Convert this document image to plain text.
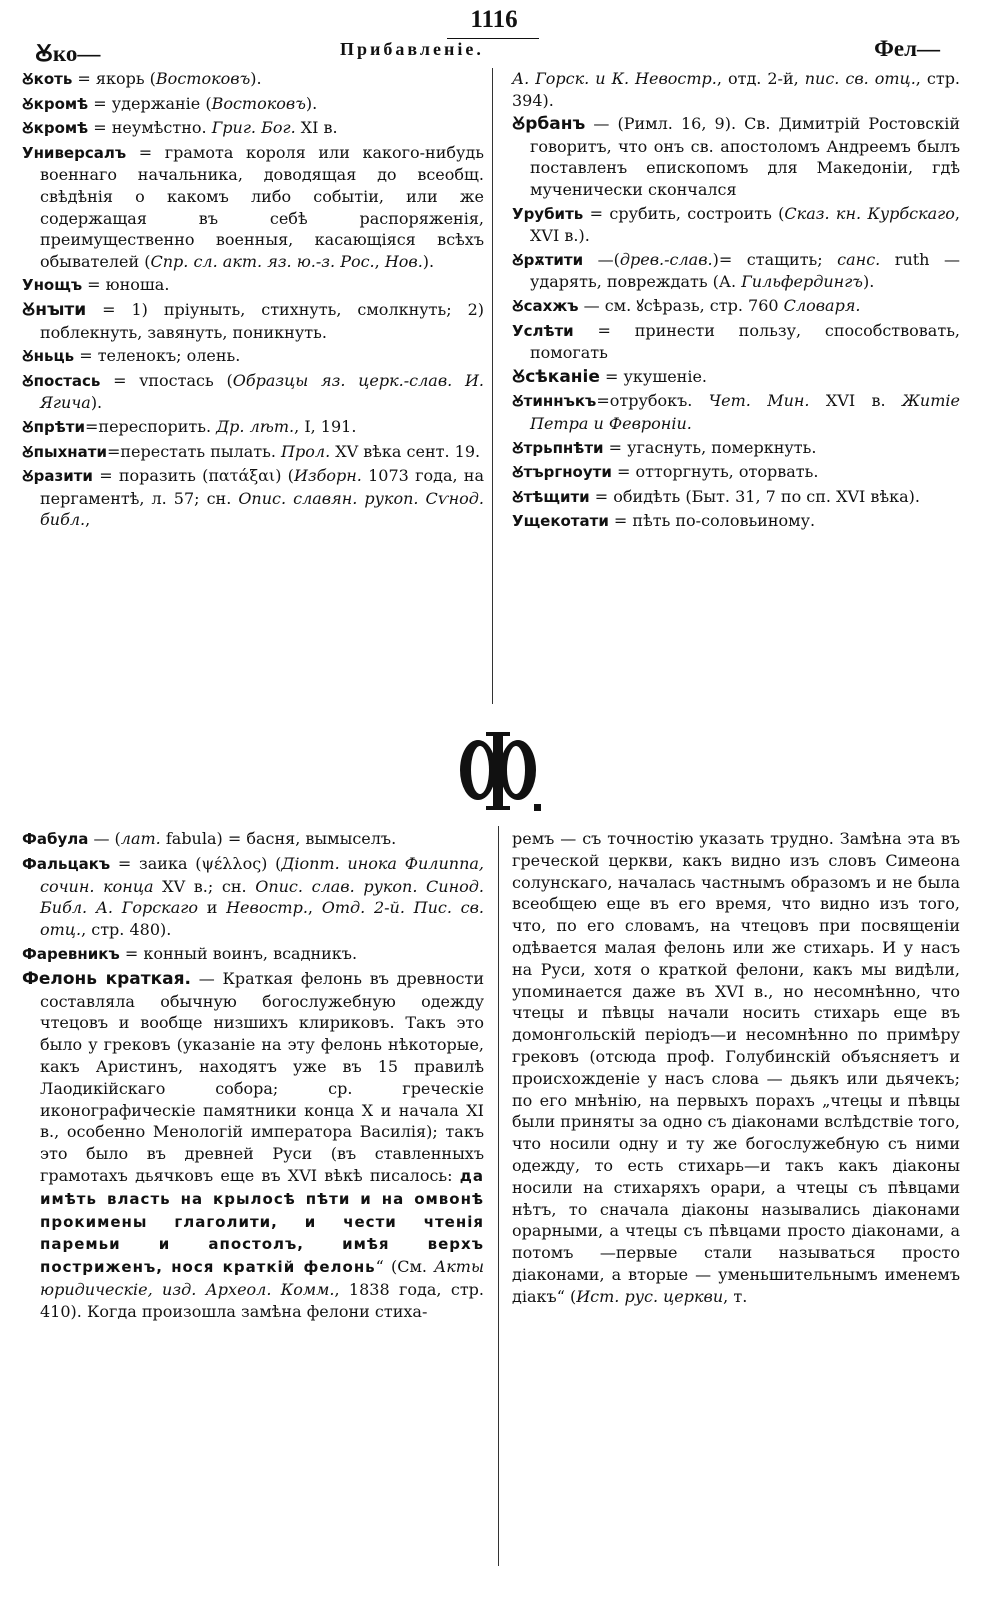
1116
Ꙋко—	Прибавленіе.	Фел—

Ꙋкоть = якорь (Востоковъ).

Ꙋкромѣ = удержаніе (Востоковъ).

Ꙋкромѣ = неумѣстно. Григ. Бог. XI в.

Универсалъ = грамота короля или какого-нибудь военнаго начальника, доводящая до всеобщ. свѣдѣнія о какомъ либо событіи, или же содержащая въ себѣ распоряженія, преимущественно военныя, касающіяся всѣхъ обывателей (Спр. сл. акт. яз. ю.-з. Рос., Нов.).

Унощъ = юноша.

Ꙋнꙑти = 1) пріуныть, стихнуть, смолкнуть; 2) поблекнуть, завянуть, поникнуть.

Ꙋньць = теленокъ; олень.

Ꙋпостась = vпостась (Образцы яз. церк.-слав. И. Ягича).

Ꙋпрѣти=переспорить. Др. лѣт., I, 191.

Ꙋпыхнати=перестать пылать. Прол. XV вѣка сент. 19.

Ꙋразити = поразить (πατάξαι) (Изборн. 1073 года, на пергаментѣ, л. 57; сн. Опис. славян. рукоп. Сѵнод. библ.,

А. Горск. и К. Невостр., отд. 2-й, пис. св. отц., стр. 394).

Ꙋрбанъ — (Римл. 16, 9). Св. Димитрій Ростовскій говоритъ, что онъ св. апостоломъ Андреемъ былъ поставленъ епископомъ для Македоніи, гдѣ мученически скончался

Урубить = срубить, состроить (Сказ. кн. Курбскаго, XVI в.).

Ꙋрѫтити —(древ.-слав.)= стащить; санс. ruth — ударять, повреждать (А. Гильфердингъ).

Ꙋсахжъ — см. ꙋсѣразь, стр. 760 Словаря.

Услѣти = принести пользу, способствовать, помогать

Ꙋсѣканіе = укушеніе.

Ꙋтиннъкъ=отрубокъ. Чет. Мин. XVI в. Житіе Петра и Февроніи.

Ꙋтрьпнѣти = угаснуть, померкнуть.

Ꙋтъргноути = отторгнуть, оторвать.

Ꙋтѣщити = обидѣть (Быт. 31, 7 по сп. XVI вѣка).

Ущекотати = пѣть по-соловьиному.

Фабула — (лат. fabula) = басня, вымыселъ.

Фальцакъ = заика (ψέλλος) (Діопт. инока Филиппа, сочин. конца XV в.; сн. Опис. слав. рукоп. Синод. Библ. А. Горскаго и Невостр., Отд. 2-й. Пис. св. отц., стр. 480).

Фаревникъ = конный воинъ, всадникъ.

Фелонь краткая. — Краткая фелонь въ древности составляла обычную богослужебную одежду чтецовъ и вообще низшихъ клириковъ. Такъ это было у грековъ (указаніе на эту фелонь нѣкоторые, какъ Аристинъ, находятъ уже въ 15 правилѣ Лаодикійскаго собора; ср. греческіе иконографическіе памятники конца X и начала XI в., особенно Менологій императора Василія); такъ это было въ древней Руси (въ ставленныхъ грамотахъ дьячковъ еще въ XVI вѣкѣ писалось: да имѣть власть на крылосѣ пѣти и на омвонѣ прокимены глаголити, и чести чтенія паремьи и апостолъ, имѣя верхъ постриженъ, нося краткій фелонь“ (См. Акты юридическіе, изд. Археол. Комм., 1838 года, стр. 410). Когда произошла замѣна фелони стиха-

ремъ — съ точностію указать трудно. Замѣна эта въ греческой церкви, какъ видно изъ словъ Симеона солунскаго, началась частнымъ образомъ и не была всеобщею еще въ его время, что видно изъ того, что, по его словамъ, на чтецовъ при посвященіи одѣвается малая фелонь или же стихарь. И у насъ на Руси, хотя о краткой фелони, какъ мы видѣли, упоминается даже въ XVI в., но несомнѣнно, что чтецы и пѣвцы начали носить стихарь еще въ домонгольскій періодъ—и несомнѣнно по примѣру грековъ (отсюда проф. Голубинскій объясняетъ и происхожденіе у насъ слова — дьякъ или дьячекъ; по его мнѣнію, на первыхъ порахъ „чтецы и пѣвцы были приняты за одно съ діаконами вслѣдствіе того, что носили одну и ту же богослужебную съ ними одежду, то есть стихарь—и такъ какъ діаконы носили на стихаряхъ орари, а чтецы съ пѣвцами нѣтъ, то сначала діаконы назывались діаконами орарными, а чтецы съ пѣвцами просто діаконами, а потомъ —первые стали называться просто діаконами, а вторые — уменьшительнымъ именемъ діакъ“ (Ист. рус. церкви, т.
